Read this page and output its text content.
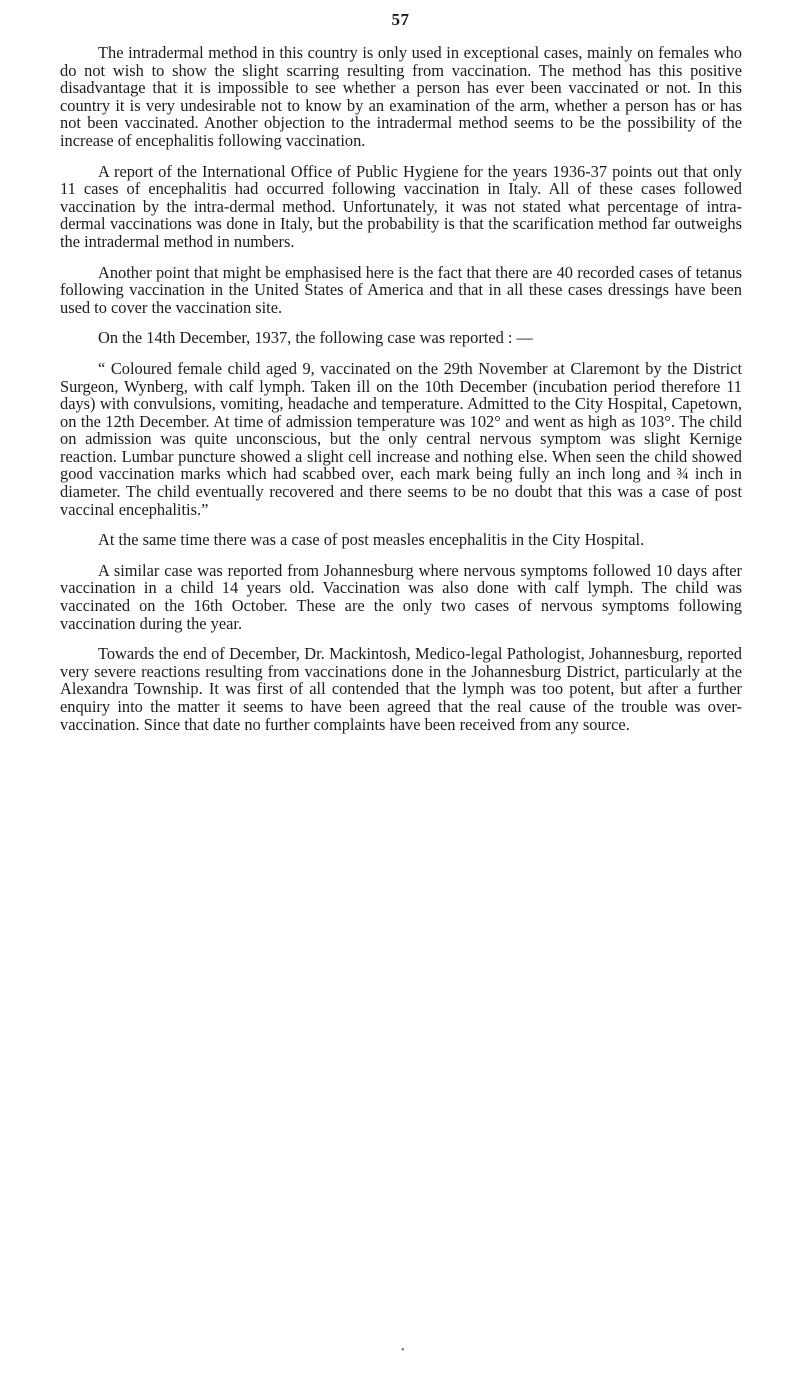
57

The intradermal method in this country is only used in exceptional cases, mainly on females who do not wish to show the slight scarring resulting from vaccination. The method has this positive disadvantage that it is impossible to see whether a person has ever been vaccinated or not. In this country it is very undesirable not to know by an examination of the arm, whether a person has or has not been vaccinated. Another objection to the intradermal method seems to be the possibility of the increase of encephalitis following vaccination.

A report of the International Office of Public Hygiene for the years 1936-37 points out that only 11 cases of encephalitis had occurred following vaccination in Italy. All of these cases followed vaccination by the intra-dermal method. Unfortunately, it was not stated what percentage of intra-dermal vaccinations was done in Italy, but the probability is that the scarification method far outweighs the intradermal method in numbers.

Another point that might be emphasised here is the fact that there are 40 recorded cases of tetanus following vaccination in the United States of America and that in all these cases dressings have been used to cover the vaccination site.

On the 14th December, 1937, the following case was reported : —

“ Coloured female child aged 9, vaccinated on the 29th November at Claremont by the District Surgeon, Wynberg, with calf lymph. Taken ill on the 10th December (incubation period therefore 11 days) with convulsions, vomiting, headache and temperature. Admitted to the City Hospital, Capetown, on the 12th December. At time of admission temperature was 102° and went as high as 103°. The child on admission was quite unconscious, but the only central nervous symptom was slight Kernige reaction. Lumbar puncture showed a slight cell increase and nothing else. When seen the child showed good vaccination marks which had scabbed over, each mark being fully an inch long and ¾ inch in diameter. The child eventually recovered and there seems to be no doubt that this was a case of post vaccinal encephalitis.”

At the same time there was a case of post measles encephalitis in the City Hospital.

A similar case was reported from Johannesburg where nervous symptoms followed 10 days after vaccination in a child 14 years old. Vaccination was also done with calf lymph. The child was vaccinated on the 16th October. These are the only two cases of nervous symptoms following vaccination during the year.

Towards the end of December, Dr. Mackintosh, Medico-legal Pathologist, Johannesburg, reported very severe reactions resulting from vaccinations done in the Johannesburg District, particularly at the Alexandra Township. It was first of all contended that the lymph was too potent, but after a further enquiry into the matter it seems to have been agreed that the real cause of the trouble was over-vaccination. Since that date no further complaints have been received from any source.

•
